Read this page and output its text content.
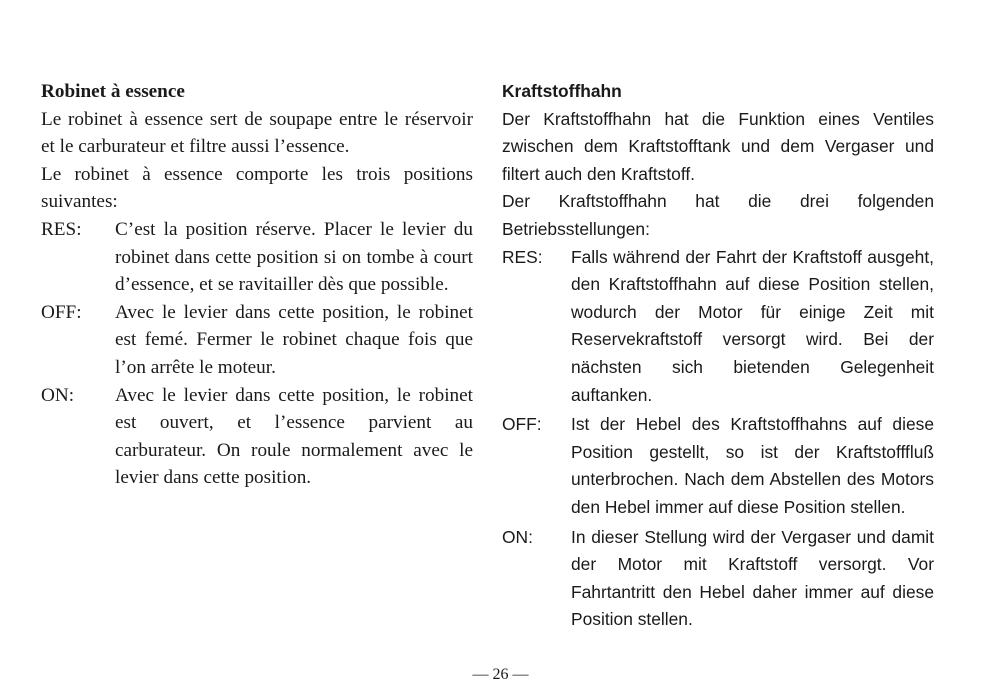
Robinet à essence

Le robinet à essence sert de soupape entre le réservoir et le carburateur et filtre aussi l’essence.

Le robinet à essence comporte les trois positions suivantes:

RES:	C’est la position réserve. Placer le levier du robinet dans cette position si on tombe à court d’essence, et se ravitailler dès que possible.
OFF:	Avec le levier dans cette position, le robinet est femé. Fermer le robinet chaque fois que l’on arrête le moteur.
ON:	Avec le levier dans cette position, le robinet est ouvert, et l’essence parvient au carburateur. On roule normalement avec le levier dans cette position.

Kraftstoffhahn

Der Kraftstoffhahn hat die Funktion eines Ventiles zwischen dem Kraftstofftank und dem Vergaser und filtert auch den Kraftstoff.

Der Kraftstoffhahn hat die drei folgenden Betriebsstellungen:

RES:	Falls während der Fahrt der Kraftstoff ausgeht, den Kraftstoffhahn auf diese Position stellen, wodurch der Motor für einige Zeit mit Reservekraftstoff versorgt wird. Bei der nächsten sich bietenden Gelegenheit auftanken.
OFF:	Ist der Hebel des Kraftstoffhahns auf diese Position gestellt, so ist der Kraftstofffluß unterbrochen. Nach dem Abstellen des Motors den Hebel immer auf diese Position stellen.
ON:	In dieser Stellung wird der Vergaser und damit der Motor mit Kraftstoff versorgt. Vor Fahrtantritt den Hebel daher immer auf diese Position stellen.
— 26 —
